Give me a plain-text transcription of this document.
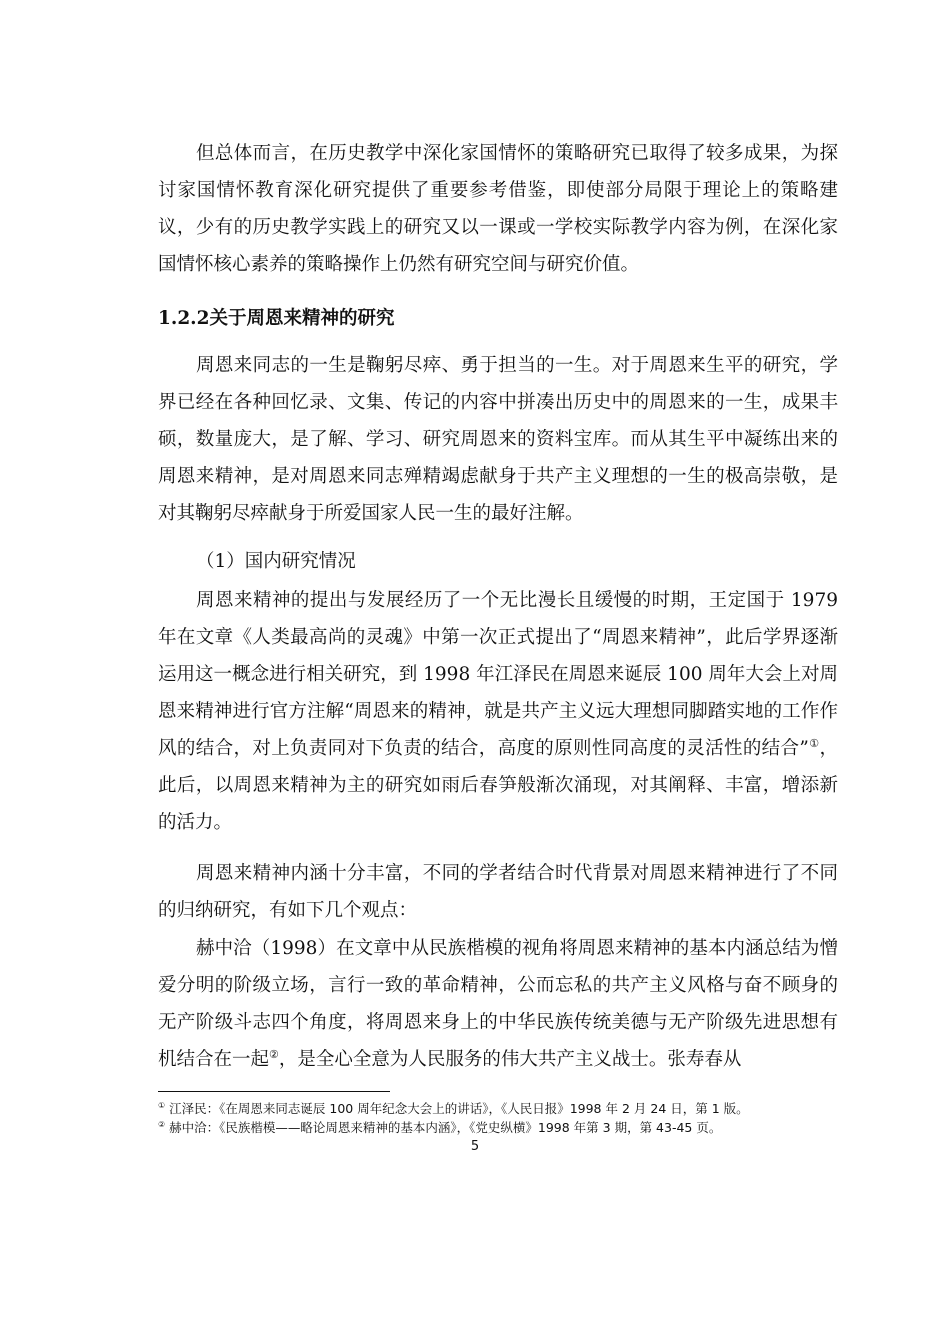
但总体而言，在历史教学中深化家国情怀的策略研究已取得了较多成果，为探讨家国情怀教育深化研究提供了重要参考借鉴，即使部分局限于理论上的策略建议，少有的历史教学实践上的研究又以一课或一学校实际教学内容为例，在深化家国情怀核心素养的策略操作上仍然有研究空间与研究价值。

1.2.2关于周恩来精神的研究

周恩来同志的一生是鞠躬尽瘁、勇于担当的一生。对于周恩来生平的研究，学界已经在各种回忆录、文集、传记的内容中拼凑出历史中的周恩来的一生，成果丰硕，数量庞大，是了解、学习、研究周恩来的资料宝库。而从其生平中凝练出来的周恩来精神，是对周恩来同志殚精竭虑献身于共产主义理想的一生的极高崇敬，是对其鞠躬尽瘁献身于所爱国家人民一生的最好注解。

（1）国内研究情况

周恩来精神的提出与发展经历了一个无比漫长且缓慢的时期，王定国于 1979年在文章《人类最高尚的灵魂》中第一次正式提出了“周恩来精神”，此后学界逐渐运用这一概念进行相关研究，到 1998 年江泽民在周恩来诞辰 100 周年大会上对周恩来精神进行官方注解“周恩来的精神，就是共产主义远大理想同脚踏实地的工作作风的结合，对上负责同对下负责的结合，高度的原则性同高度的灵活性的结合”①，此后，以周恩来精神为主的研究如雨后春笋般渐次涌现，对其阐释、丰富，增添新的活力。

周恩来精神内涵十分丰富，不同的学者结合时代背景对周恩来精神进行了不同的归纳研究，有如下几个观点：

赫中洽（1998）在文章中从民族楷模的视角将周恩来精神的基本内涵总结为憎爱分明的阶级立场，言行一致的革命精神，公而忘私的共产主义风格与奋不顾身的无产阶级斗志四个角度，将周恩来身上的中华民族传统美德与无产阶级先进思想有机结合在一起②，是全心全意为人民服务的伟大共产主义战士。张寿春从

① 江泽民：《在周恩来同志诞辰 100 周年纪念大会上的讲话》，《人民日报》1998 年 2 月 24 日，第 1 版。
② 赫中洽：《民族楷模——略论周恩来精神的基本内涵》，《党史纵横》1998 年第 3 期，第 43-45 页。
5
